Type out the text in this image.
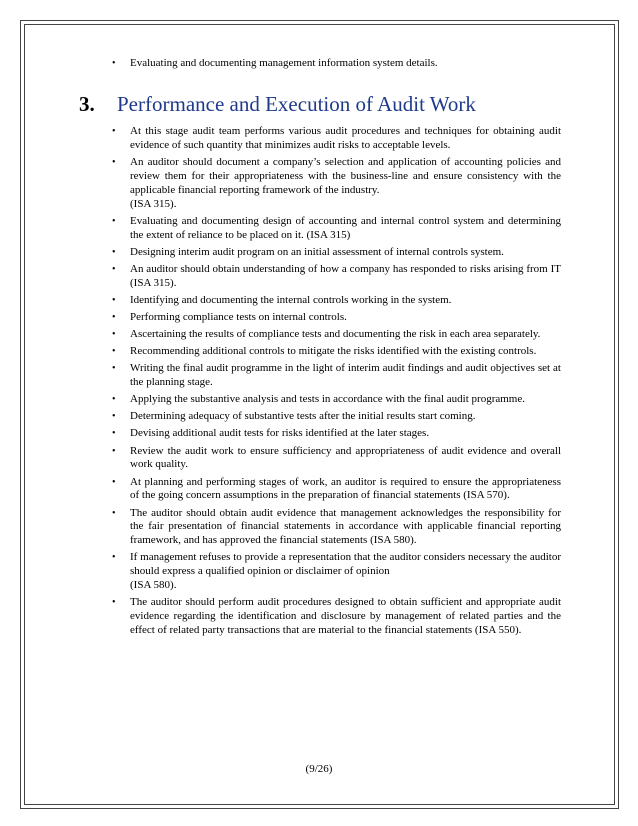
•	Evaluating and documenting management information system details.
3.	Performance and Execution of Audit Work
•	At this stage audit team performs various audit procedures and techniques for obtaining audit evidence of such quantity that minimizes audit risks to acceptable levels.
•	An auditor should document a company’s selection and application of accounting policies and review them for their appropriateness with the business-line and ensure consistency with the applicable financial reporting framework of the industry.
(ISA 315).
•	Evaluating and documenting design of accounting and internal control system and determining the extent of reliance to be placed on it. (ISA 315)
•	Designing interim audit program on an initial assessment of internal controls system.
•	An auditor should obtain understanding of how a company has responded to risks arising from IT (ISA 315).
•	Identifying and documenting the internal controls working in the system.
•	Performing compliance tests on internal controls.
•	Ascertaining the results of compliance tests and documenting the risk in each area separately.
•	Recommending additional controls to mitigate the risks identified with the existing controls.
•	Writing the final audit programme in the light of interim audit findings and audit objectives set at the planning stage.
•	Applying the substantive analysis and tests in accordance with the final audit programme.
•	Determining adequacy of substantive tests after the initial results start coming.
•	Devising additional audit tests for risks identified at the later stages.
•	Review the audit work to ensure sufficiency and appropriateness of audit evidence and overall work quality.
•	At planning and performing stages of work, an auditor is required to ensure the appropriateness of the going concern assumptions in the preparation of financial statements (ISA 570).
•	The auditor should obtain audit evidence that management acknowledges the responsibility for the fair presentation of financial statements in accordance with applicable financial reporting framework, and has approved the financial statements (ISA 580).
•	If management refuses to provide a representation that the auditor considers necessary the auditor should express a qualified opinion or disclaimer of opinion
(ISA 580).
•	The auditor should perform audit procedures designed to obtain sufficient and appropriate audit evidence regarding the identification and disclosure by management of related parties and the effect of related party transactions that are material to the financial statements (ISA 550).
(9/26)
